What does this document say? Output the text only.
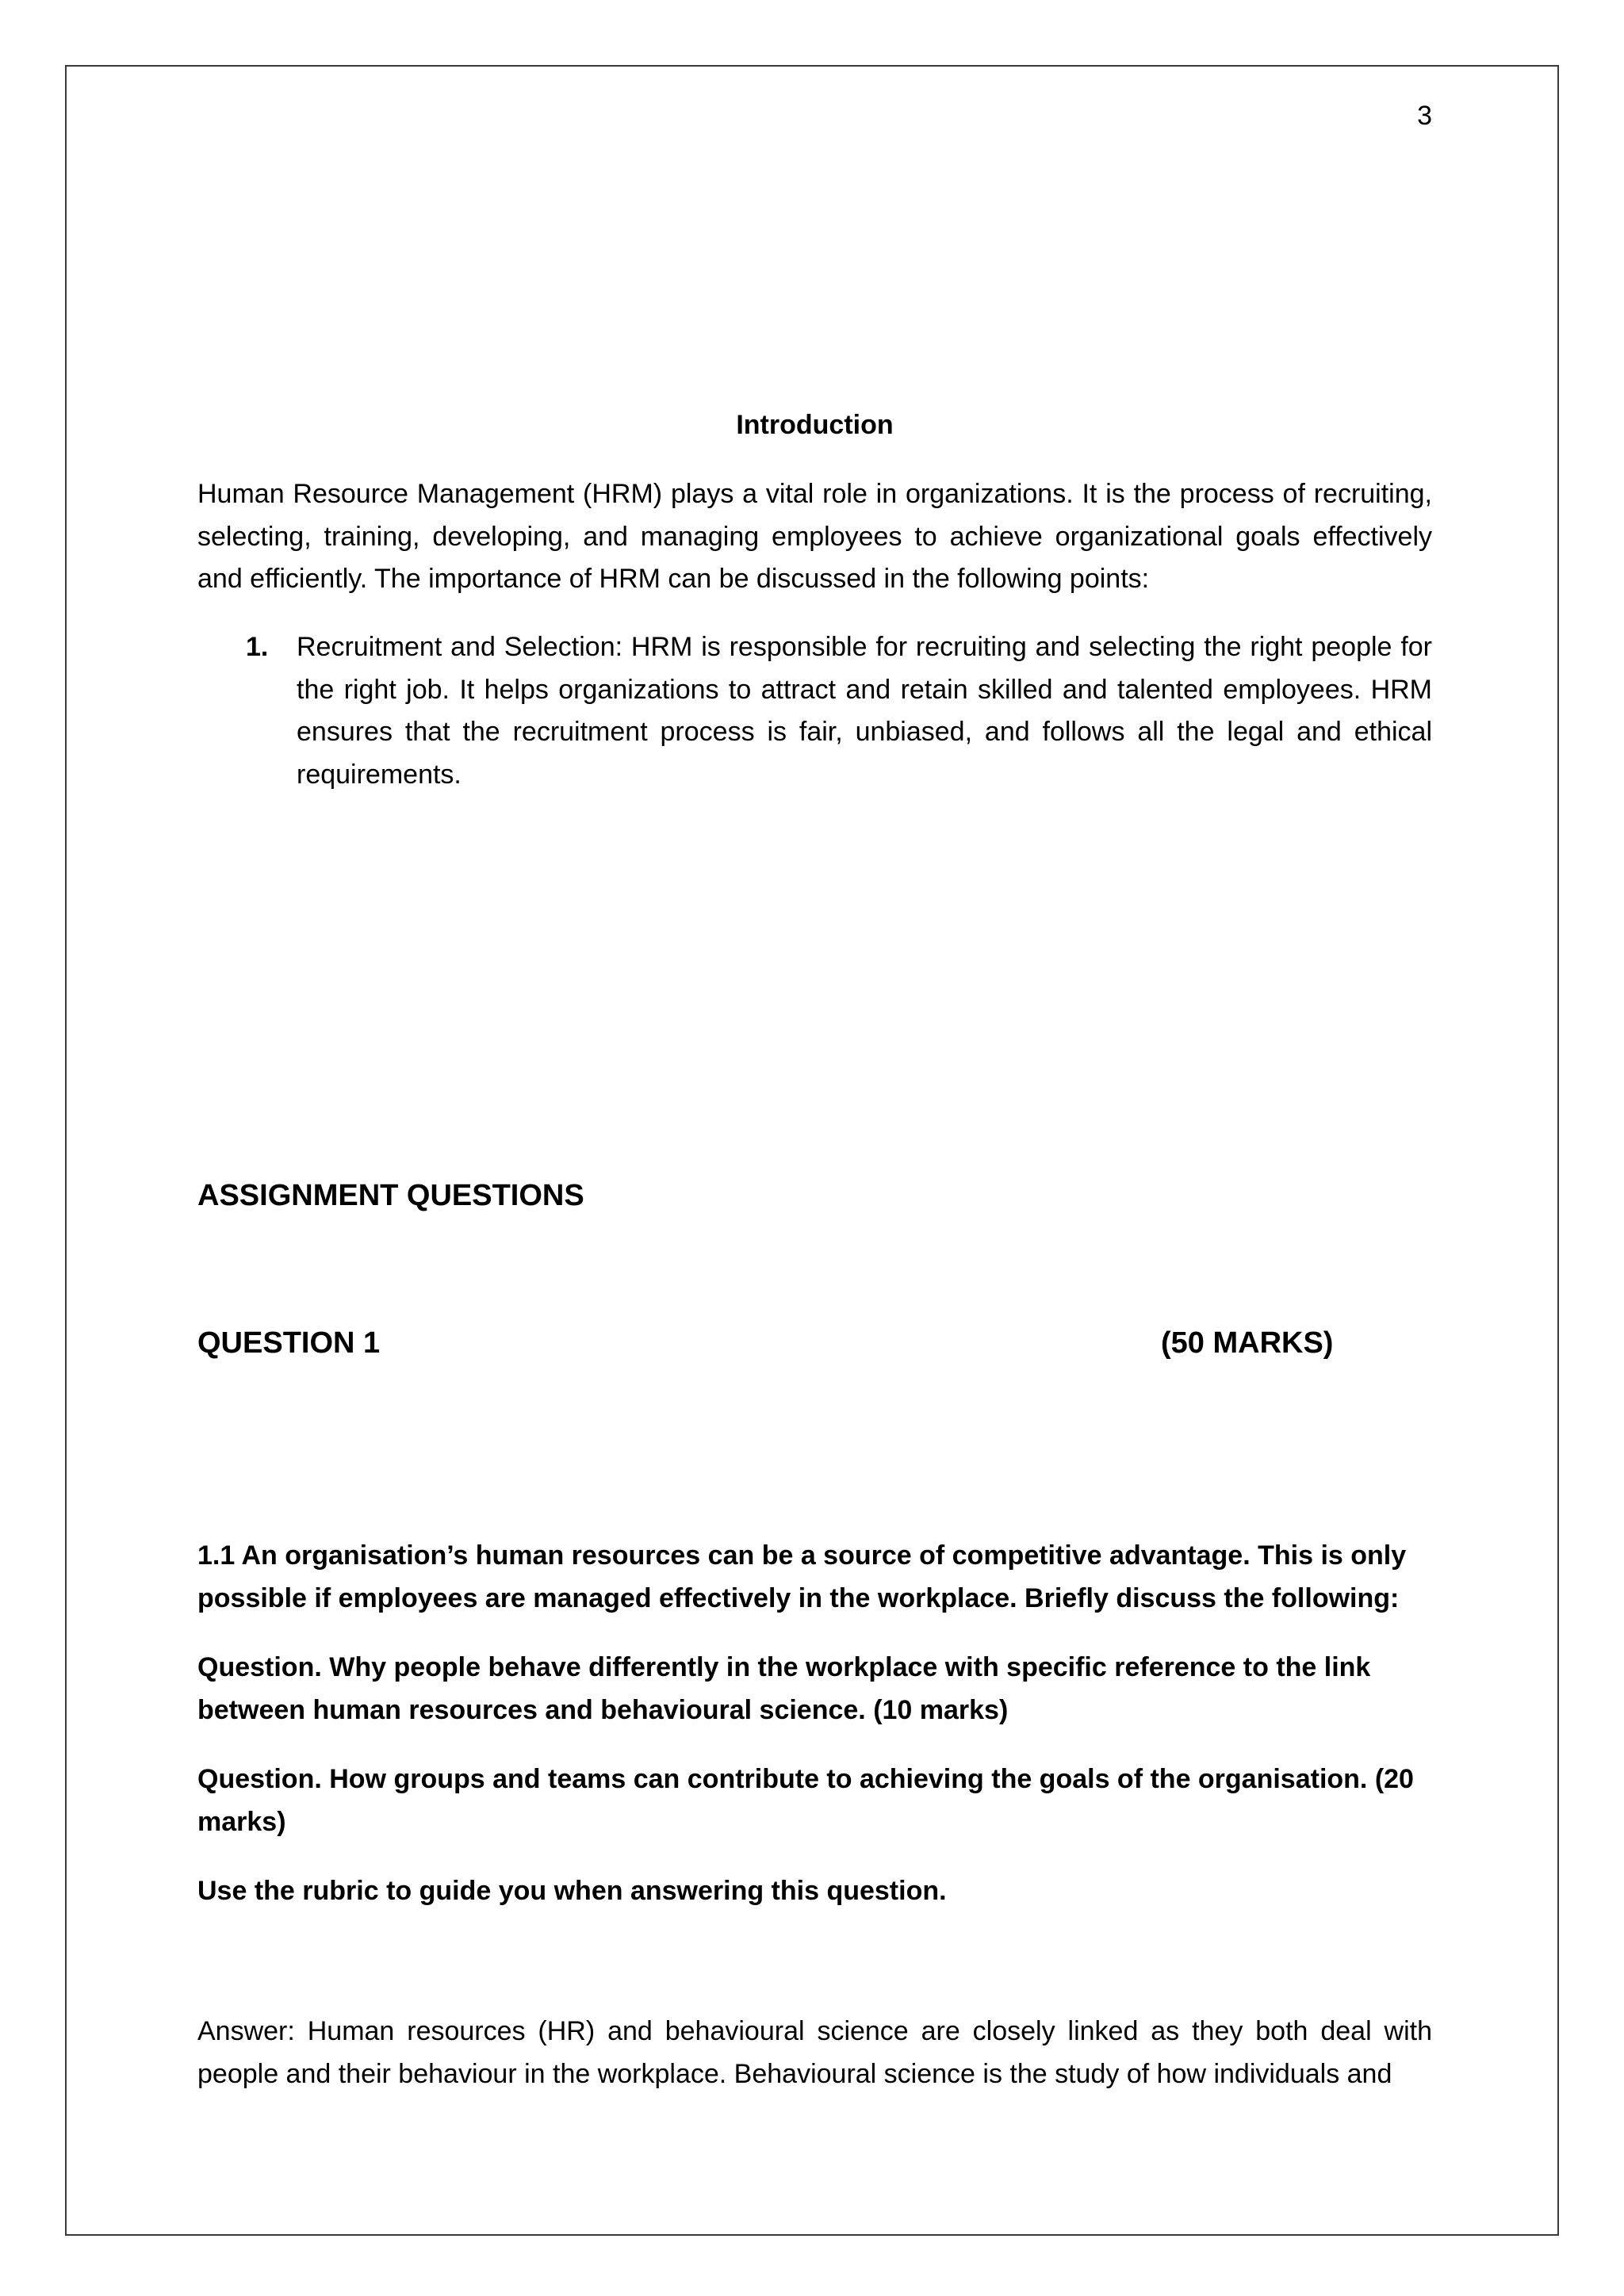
3
Introduction

Human Resource Management (HRM) plays a vital role in organizations. It is the process of recruiting, selecting, training, developing, and managing employees to achieve organizational goals effectively and efficiently. The importance of HRM can be discussed in the following points:

1.	Recruitment and Selection: HRM is responsible for recruiting and selecting the right people for the right job. It helps organizations to attract and retain skilled and talented employees. HRM ensures that the recruitment process is fair, unbiased, and follows all the legal and ethical requirements.
ASSIGNMENT QUESTIONS
QUESTION 1	(50 MARKS)

1.1 An organisation’s human resources can be a source of competitive advantage. This is only possible if employees are managed effectively in the workplace. Briefly discuss the following:

Question. Why people behave differently in the workplace with specific reference to the link between human resources and behavioural science. (10 marks)

Question. How groups and teams can contribute to achieving the goals of the organisation. (20 marks)

Use the rubric to guide you when answering this question.

Answer: Human resources (HR) and behavioural science are closely linked as they both deal with people and their behaviour in the workplace. Behavioural science is the study of how individuals and
